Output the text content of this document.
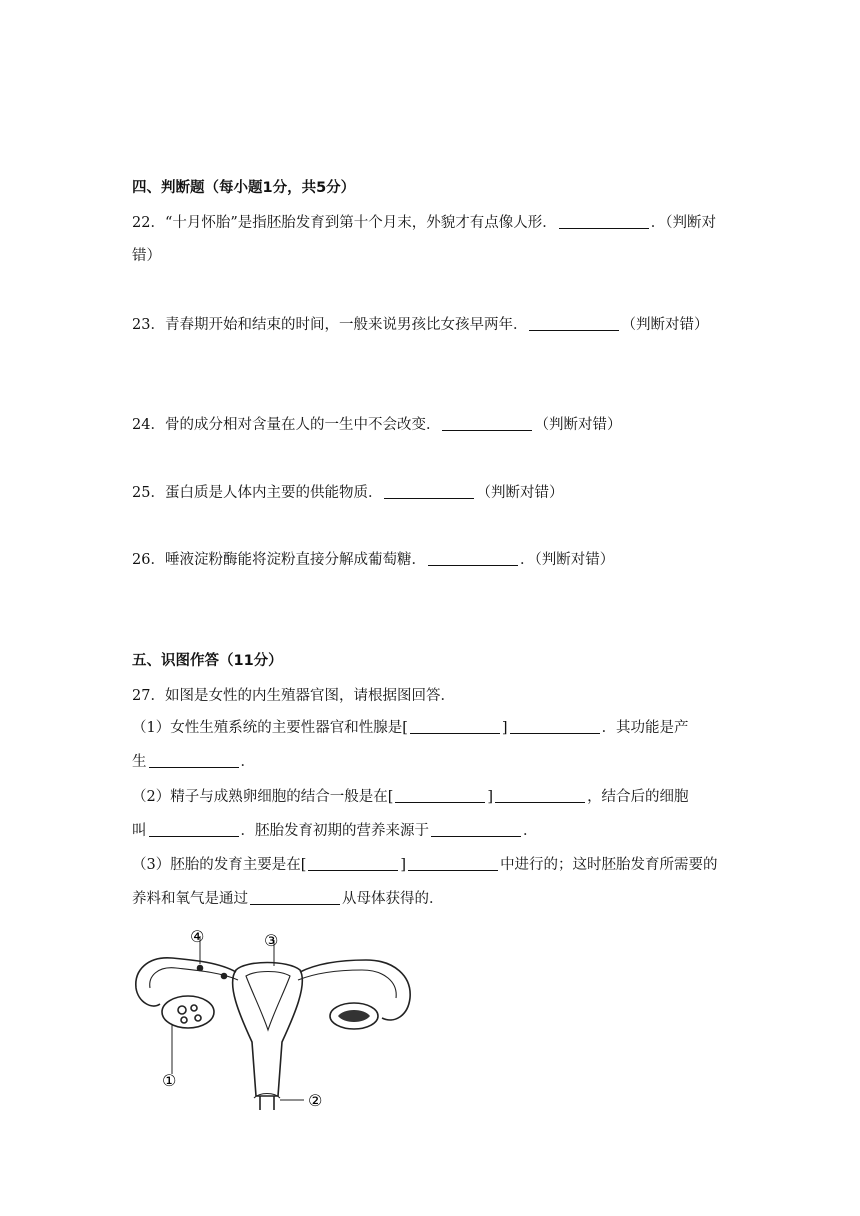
四、判断题（每小题1分，共5分）
22．“十月怀胎”是指胚胎发育到第十个月末，外貌才有点像人形．	．（判断对
错）
23．青春期开始和结束的时间，一般来说男孩比女孩早两年．	（判断对错）
24．骨的成分相对含量在人的一生中不会改变．	（判断对错）
25．蛋白质是人体内主要的供能物质．	（判断对错）
26．唾液淀粉酶能将淀粉直接分解成葡萄糖．	．（判断对错）
五、识图作答（11分）
27．如图是女性的内生殖器官图，请根据图回答．
（1）女性生殖系统的主要性器官和性腺是[	]	．其功能是产
生	．
（2）精子与成熟卵细胞的结合一般是在[	]	，结合后的细胞
叫	．胚胎发育初期的营养来源于	．
（3）胚胎的发育主要是在[	]	中进行的；这时胚胎发育所需要的
养料和氧气是通过	从母体获得的．
④	③
①
②
